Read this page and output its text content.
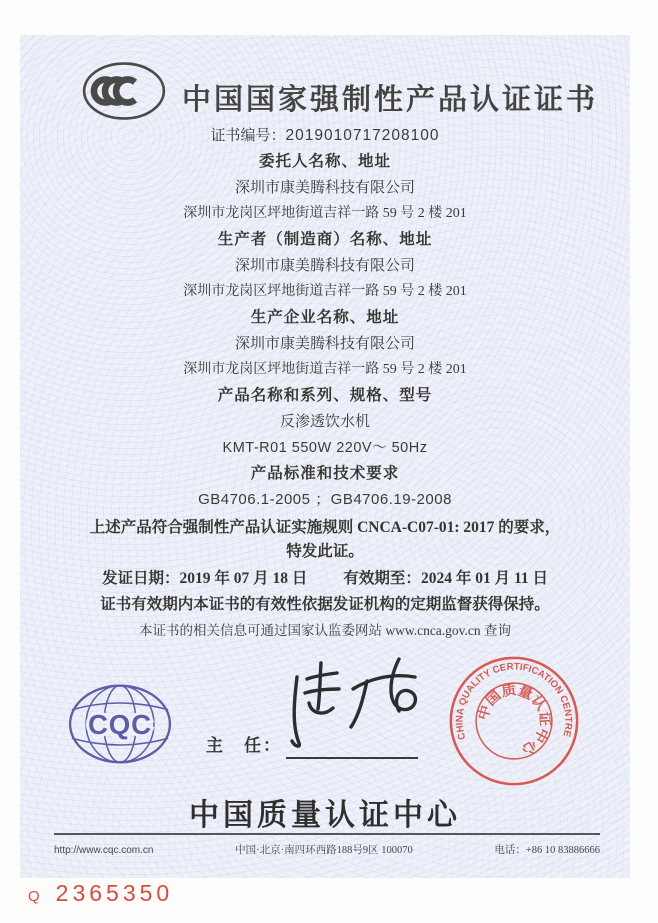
中国国家强制性产品认证证书
证书编号：2019010717208100
委托人名称、地址
深圳市康美腾科技有限公司
深圳市龙岗区坪地街道吉祥一路 59 号 2 楼 201
生产者（制造商）名称、地址
深圳市康美腾科技有限公司
深圳市龙岗区坪地街道吉祥一路 59 号 2 楼 201
生产企业名称、地址
深圳市康美腾科技有限公司
深圳市龙岗区坪地街道吉祥一路 59 号 2 楼 201
产品名称和系列、规格、型号
反渗透饮水机
KMT-R01 550W 220V～ 50Hz
产品标准和技术要求
GB4706.1-2005 ；GB4706.19-2008
上述产品符合强制性产品认证实施规则 CNCA-C07-01: 2017 的要求，
特发此证。
发证日期：2019 年 07 月 18 日 有效期至：2024 年 01 月 11 日
证书有效期内本证书的有效性依据发证机构的定期监督获得保持。
本证书的相关信息可通过国家认监委网站 www.cnca.gov.cn 查询
CQC
主　任：	CHINA QUALITY CERTIFICATION CENTRE
中国质量认证中心
中国质量认证中心
http://www.cqc.com.cn	中国·北京·南四环西路188号9区 100070	电话：+86 10 83886666
Q 2365350
